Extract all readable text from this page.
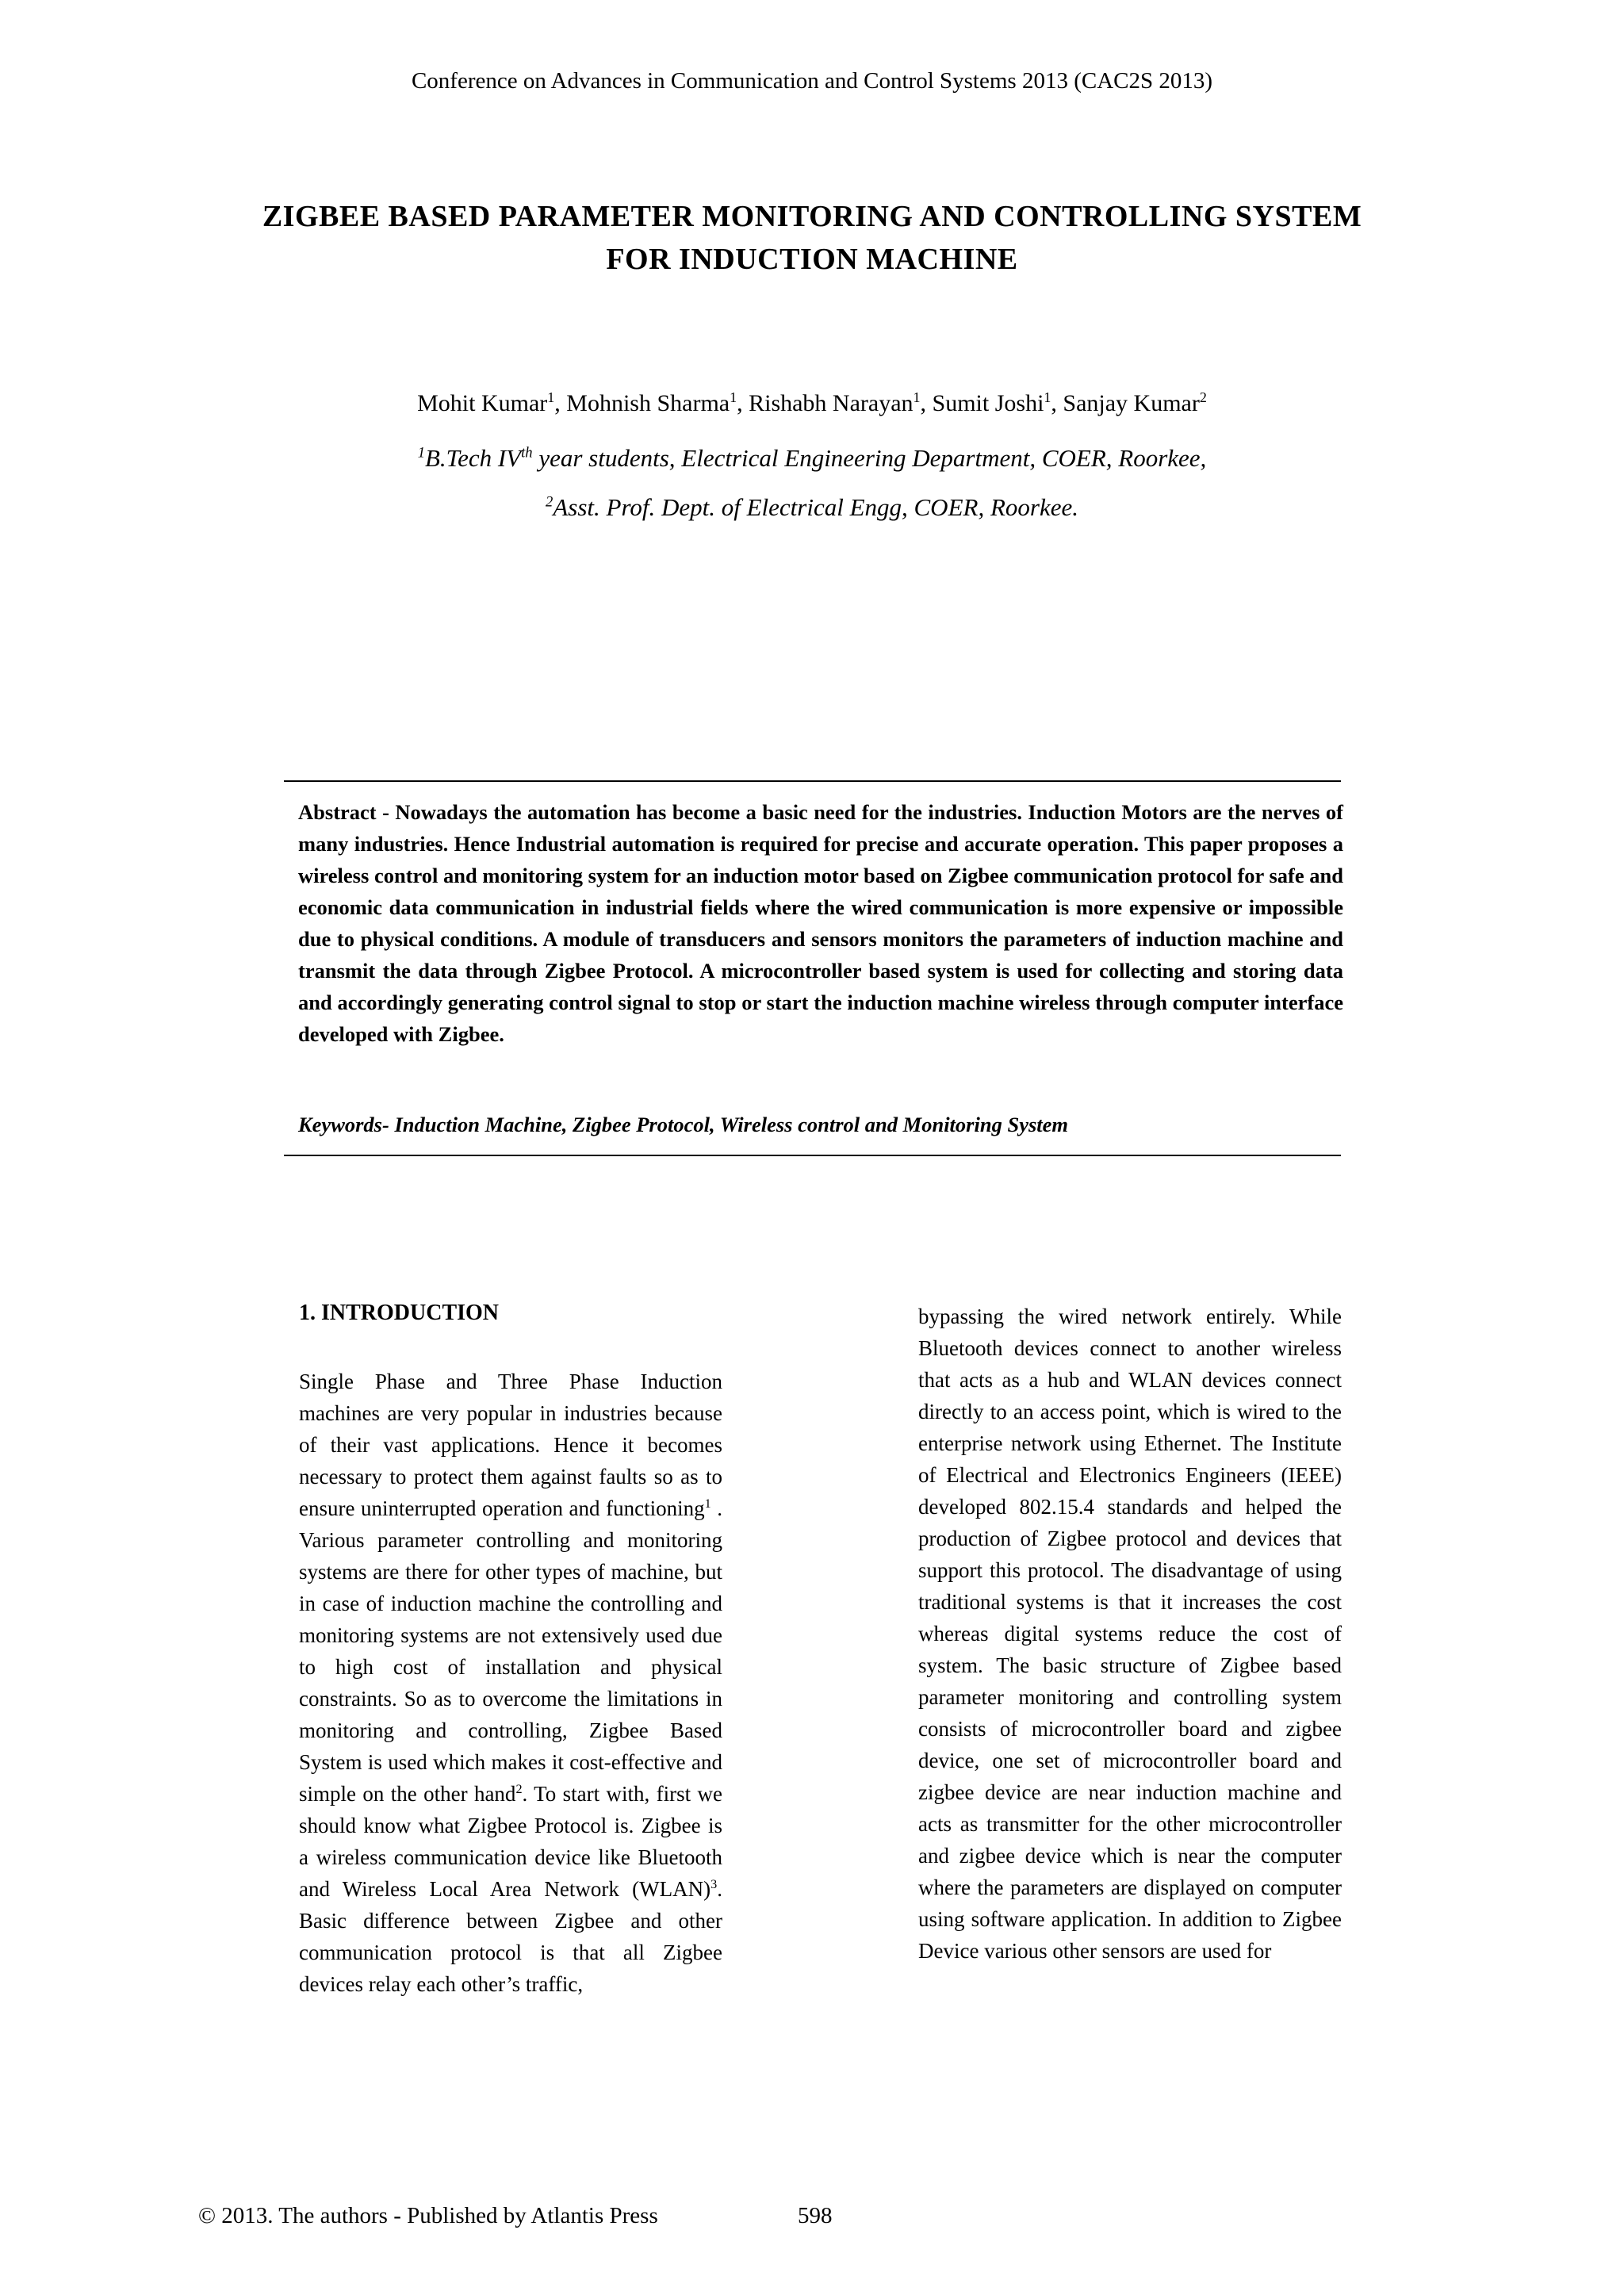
Conference on Advances in Communication and Control Systems 2013 (CAC2S 2013)
ZIGBEE BASED PARAMETER MONITORING AND CONTROLLING SYSTEM
FOR INDUCTION MACHINE
Mohit Kumar$^1$, Mohnish Sharma$^1$, Rishabh Narayan$^1$, Sumit Joshi$^1$, Sanjay Kumar$^2$
$^1$B.Tech IVth year students, Electrical Engineering Department, COER, Roorkee,
$^2$Asst. Prof. Dept. of Electrical Engg, COER, Roorkee.

Abstract - Nowadays the automation has become a basic need for the industries. Induction Motors are the nerves of many industries. Hence Industrial automation is required for precise and accurate operation. This paper proposes a wireless control and monitoring system for an induction motor based on Zigbee communication protocol for safe and economic data communication in industrial fields where the wired communication is more expensive or impossible due to physical conditions. A module of transducers and sensors monitors the parameters of induction machine and transmit the data through Zigbee Protocol. A microcontroller based system is used for collecting and storing data and accordingly generating control signal to stop or start the induction machine wireless through computer interface developed with Zigbee.

Keywords- Induction Machine, Zigbee Protocol, Wireless control and Monitoring System

1. INTRODUCTION

Single Phase and Three Phase Induction machines are very popular in industries because of their vast applications. Hence it becomes necessary to protect them against faults so as to ensure uninterrupted operation and functioning$^1$ . Various parameter controlling and monitoring systems are there for other types of machine, but in case of induction machine the controlling and monitoring systems are not extensively used due to high cost of installation and physical constraints. So as to overcome the limitations in monitoring and controlling, Zigbee Based System is used which makes it cost-effective and simple on the other hand$^2$. To start with, first we should know what Zigbee Protocol is. Zigbee is a wireless communication device like Bluetooth and Wireless Local Area Network (WLAN)$^3$. Basic difference between Zigbee and other communication protocol is that all Zigbee devices relay each other’s traffic,

bypassing the wired network entirely. While Bluetooth devices connect to another wireless that acts as a hub and WLAN devices connect directly to an access point, which is wired to the enterprise network using Ethernet. The Institute of Electrical and Electronics Engineers (IEEE) developed 802.15.4 standards and helped the production of Zigbee protocol and devices that support this protocol. The disadvantage of using traditional systems is that it increases the cost whereas digital systems reduce the cost of system. The basic structure of Zigbee based parameter monitoring and controlling system consists of microcontroller board and zigbee device, one set of microcontroller board and zigbee device are near induction machine and acts as transmitter for the other microcontroller and zigbee device which is near the computer where the parameters are displayed on computer using software application. In addition to Zigbee Device various other sensors are used for

© 2013. The authors - Published by Atlantis Press	598
